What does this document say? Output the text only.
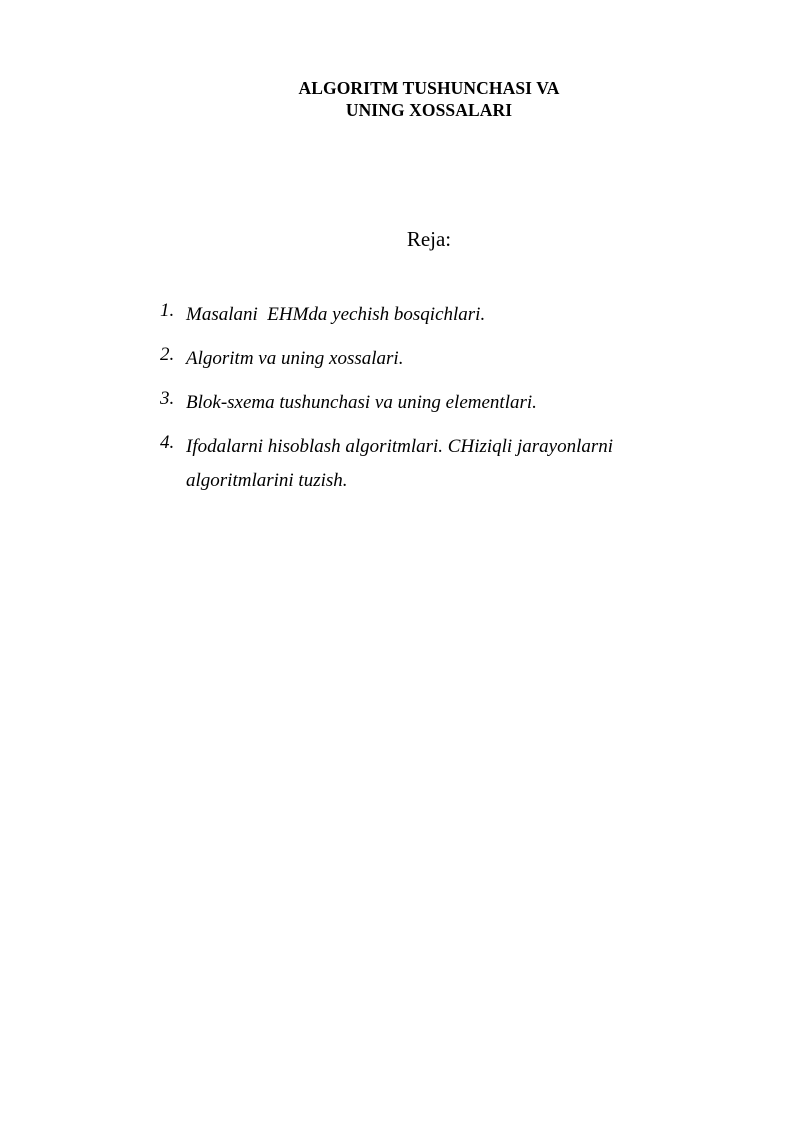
ALGORITM TUSHUNCHASI VA
UNING XOSSALARI
Reja:
1. Masalani  EHMda yechish bosqichlari.
2. Algoritm va uning xossalari.
3. Blok-sxema tushunchasi va uning elementlari.
4. Ifodalarni hisoblash algoritmlari. CHiziqli jarayonlarni algoritmlarini tuzish.
